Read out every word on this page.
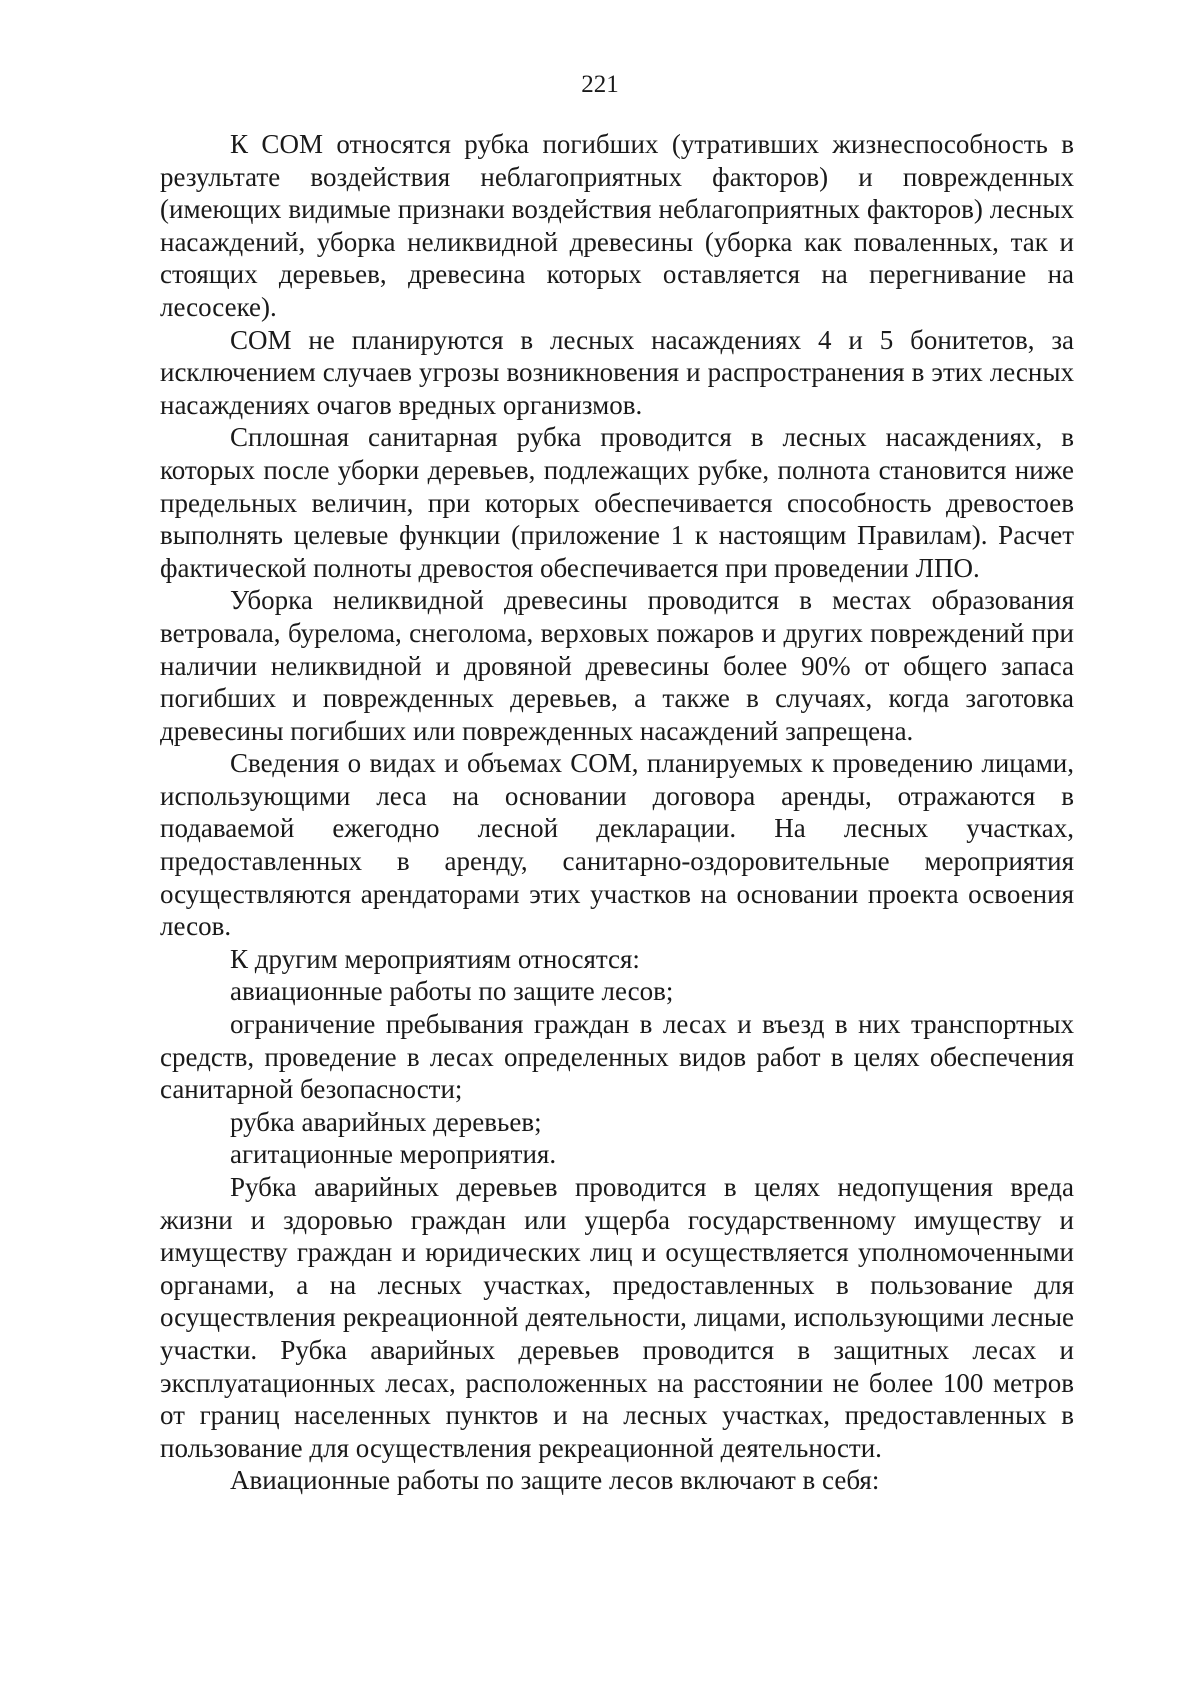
221

К СОМ относятся рубка погибших (утративших жизнеспособность в результате воздействия неблагоприятных факторов) и поврежденных (имеющих видимые признаки воздействия неблагоприятных факторов) лесных насаждений, уборка неликвидной древесины (уборка как поваленных, так и стоящих деревьев, древесина которых оставляется на перегнивание на лесосеке).

СОМ не планируются в лесных насаждениях 4 и 5 бонитетов, за исключением случаев угрозы возникновения и распространения в этих лесных насаждениях очагов вредных организмов.

Сплошная санитарная рубка проводится в лесных насаждениях, в которых после уборки деревьев, подлежащих рубке, полнота становится ниже предельных величин, при которых обеспечивается способность древостоев выполнять целевые функции (приложение 1 к настоящим Правилам). Расчет фактической полноты древостоя обеспечивается при проведении ЛПО.

Уборка неликвидной древесины проводится в местах образования ветровала, бурелома, снеголома, верховых пожаров и других повреждений при наличии неликвидной и дровяной древесины более 90% от общего запаса погибших и поврежденных деревьев, а также в случаях, когда заготовка древесины погибших или поврежденных насаждений запрещена.

Сведения о видах и объемах СОМ, планируемых к проведению лицами, использующими леса на основании договора аренды, отражаются в подаваемой ежегодно лесной декларации. На лесных участках, предоставленных в аренду, санитарно-оздоровительные мероприятия осуществляются арендаторами этих участков на основании проекта освоения лесов.

К другим мероприятиям относятся:

авиационные работы по защите лесов;

ограничение пребывания граждан в лесах и въезд в них транспортных средств, проведение в лесах определенных видов работ в целях обеспечения санитарной безопасности;

рубка аварийных деревьев;

агитационные мероприятия.

Рубка аварийных деревьев проводится в целях недопущения вреда жизни и здоровью граждан или ущерба государственному имуществу и имуществу граждан и юридических лиц и осуществляется уполномоченными органами, а на лесных участках, предоставленных в пользование для осуществления рекреационной деятельности, лицами, использующими лесные участки. Рубка аварийных деревьев проводится в защитных лесах и эксплуатационных лесах, расположенных на расстоянии не более 100 метров от границ населенных пунктов и на лесных участках, предоставленных в пользование для осуществления рекреационной деятельности.

Авиационные работы по защите лесов включают в себя:
